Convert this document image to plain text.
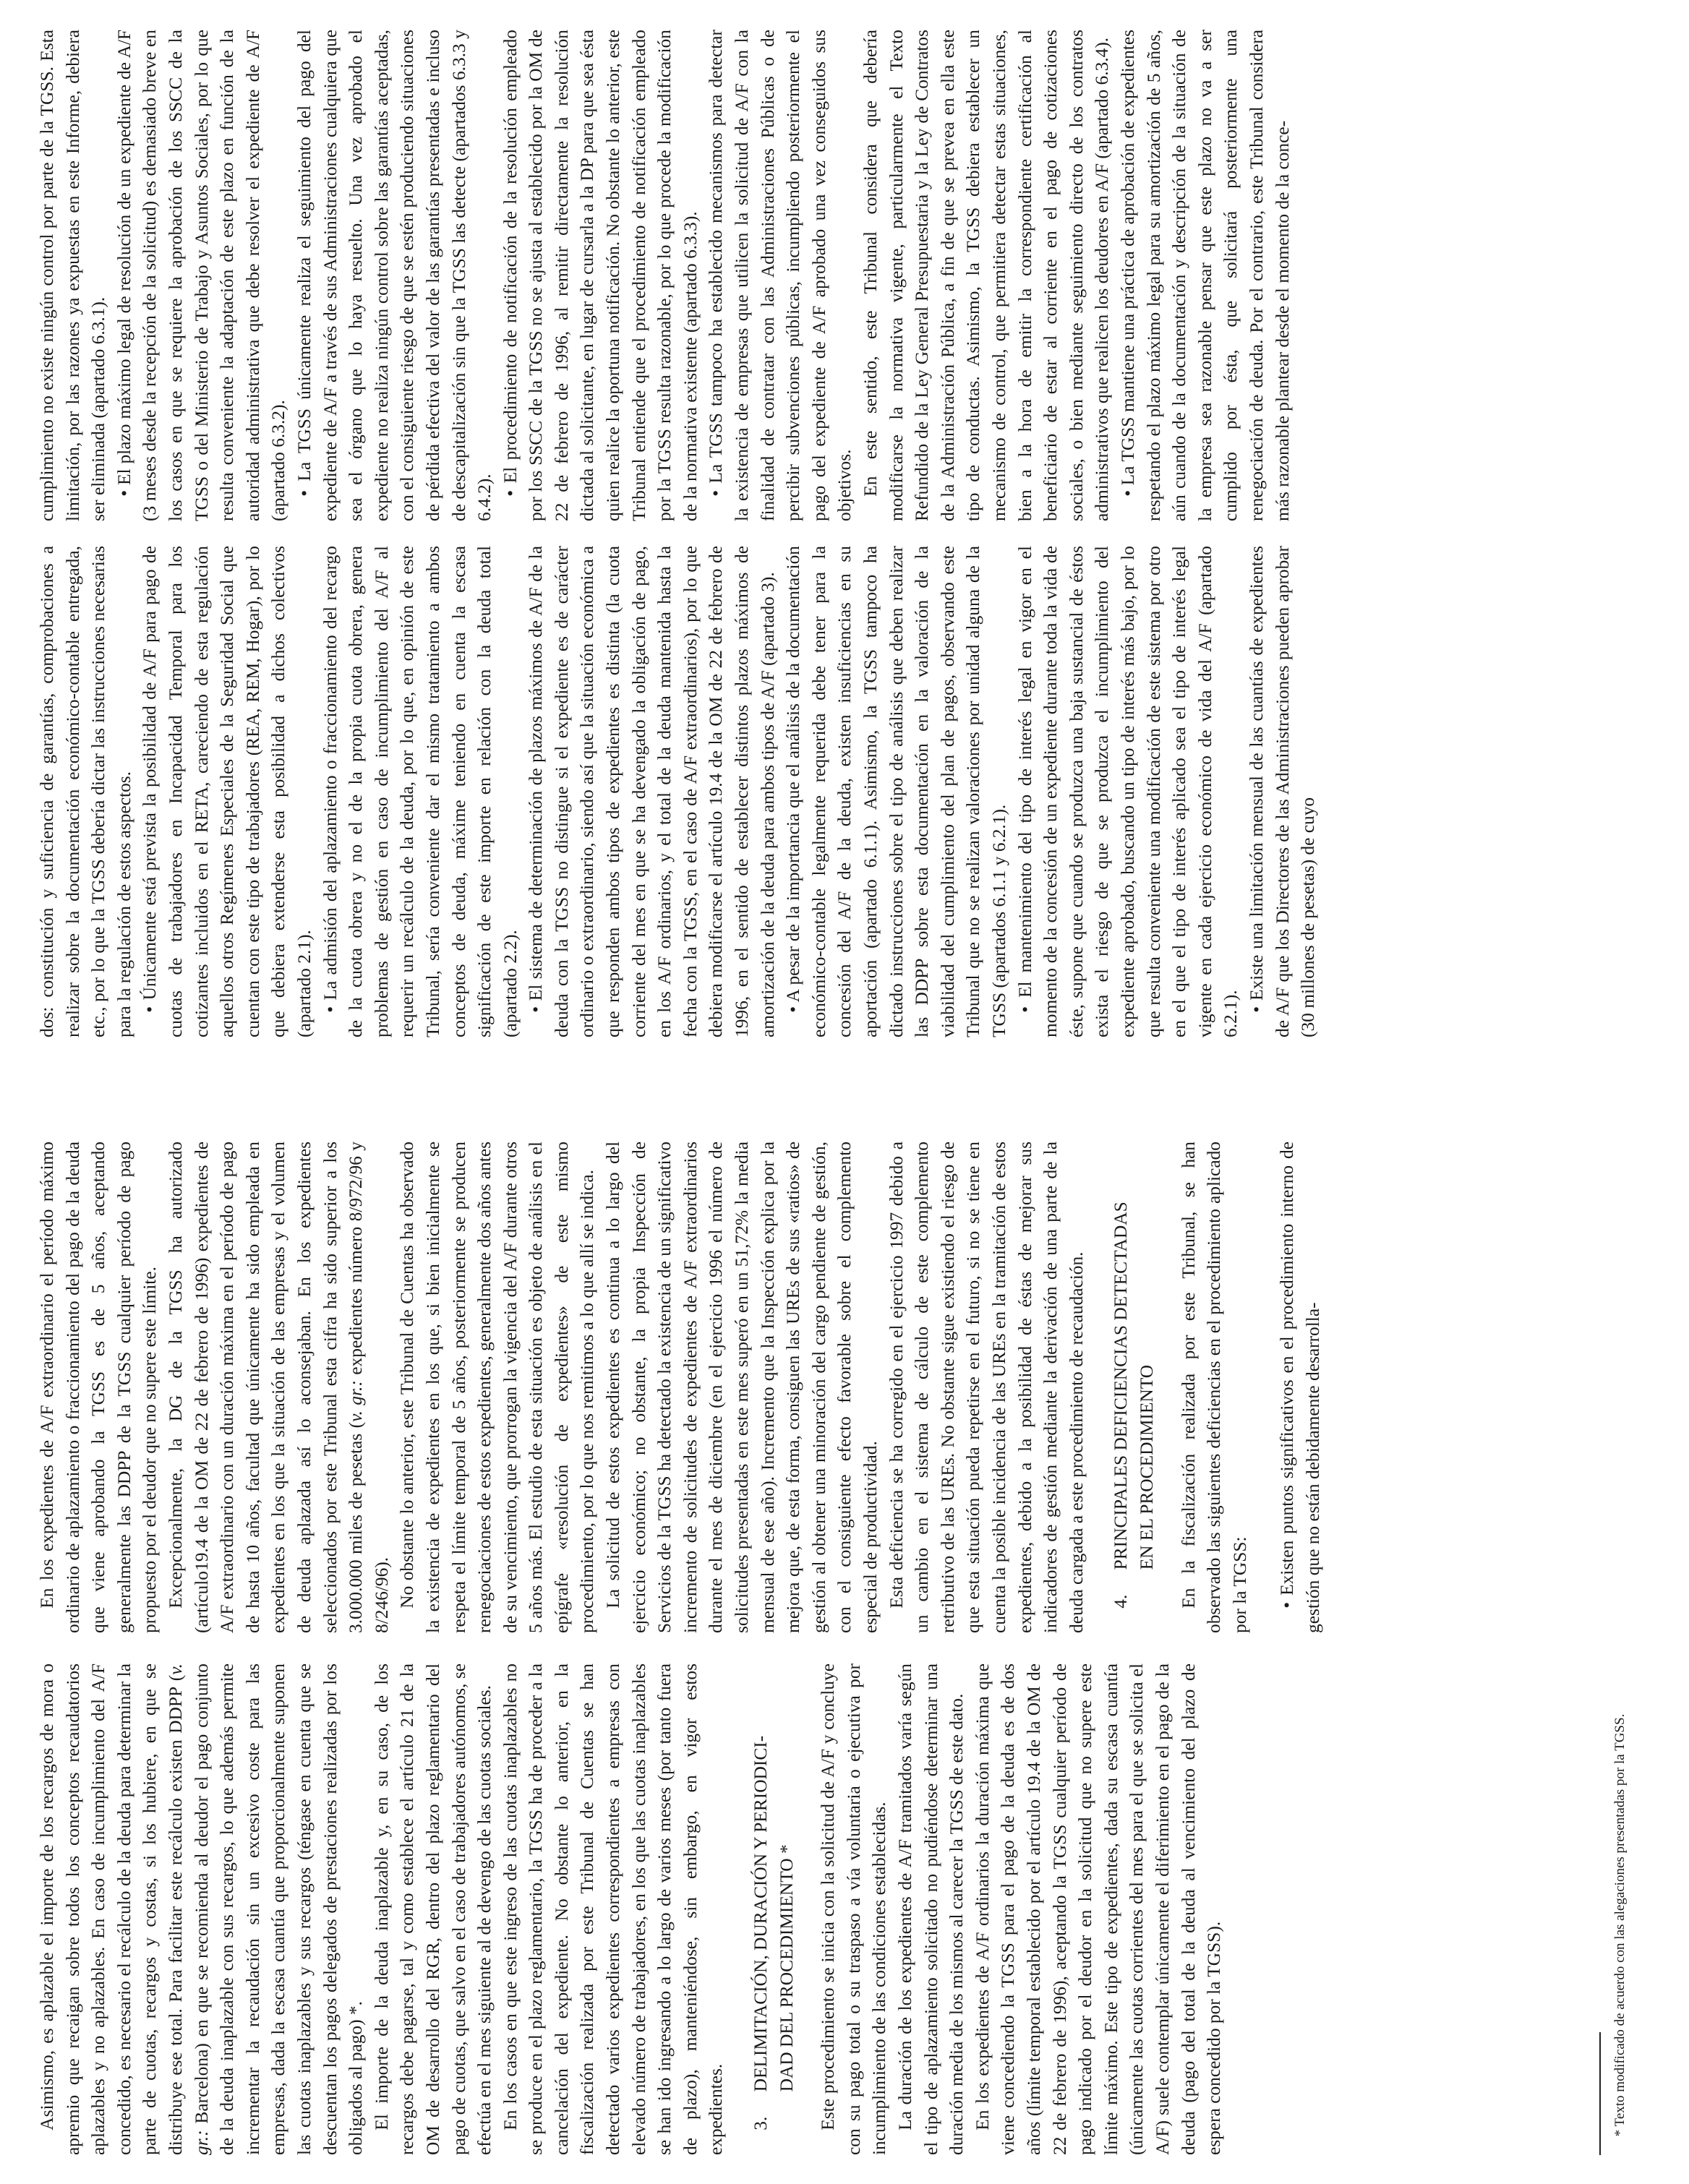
Asimismo, es aplazable el importe de los recargos de mora o apremio que recaigan sobre todos los conceptos recaudatorios aplazables y no aplazables. En caso de incumplimiento del A/F concedido, es necesario el recálculo de la deuda para determinar la parte de cuotas, recargos y costas, si los hubiere, en que se distribuye ese total. Para facilitar este recálculo existen DDPP (v. gr.: Barcelona) en que se recomienda al deudor el pago conjunto de la deuda inaplazable con sus recargos, lo que además permite incrementar la recaudación sin un excesivo coste para las empresas, dada la escasa cuantía que proporcionalmente suponen las cuotas inaplazables y sus recargos (téngase en cuenta que se descuentan los pagos delegados de prestaciones realizadas por los obligados al pago) *. El importe de la deuda inaplazable y, en su caso, de los recargos debe pagarse, tal y como establece el artículo 21 de la OM de desarrollo del RGR, dentro del plazo reglamentario del pago de cuotas, que salvo en el caso de trabajadores autónomos, se efectúa en el mes siguiente al de devengo de las cuotas sociales. En los casos en que este ingreso de las cuotas inaplazables no se produce en el plazo reglamentario, la TGSS ha de proceder a la cancelación del expediente. No obstante lo anterior, en la fiscalización realizada por este Tribunal de Cuentas se han detectado varios expedientes correspondientes a empresas con elevado número de trabajadores, en los que las cuotas inaplazables se han ido ingresando a lo largo de varios meses (por tanto fuera de plazo), manteniéndose, sin embargo, en vigor estos expedientes. 3.DELIMITACIÓN, DURACIÓN Y PERIODICI- DAD DEL PROCEDIMIENTO * Este procedimiento se inicia con la solicitud de A/F y concluye con su pago total o su traspaso a vía voluntaria o ejecutiva por incumplimiento de las condiciones establecidas. La duración de los expedientes de A/F tramitados varía según el tipo de aplazamiento solicitado no pudiéndose determinar una duración media de los mismos al carecer la TGSS de este dato. En los expedientes de A/F ordinarios la duración máxima que viene concediendo la TGSS para el pago de la deuda es de dos años (límite temporal establecido por el artículo 19.4 de la OM de 22 de febrero de 1996), aceptando la TGSS cualquier período de pago indicado por el deudor en la solicitud que no supere este límite máximo. Este tipo de expedientes, dada su escasa cuantía (únicamente las cuotas corrientes del mes para el que se solicita el A/F) suele contemplar únicamente el diferimiento en el pago de la deuda (pago del total de la deuda al vencimiento del plazo de espera concedido por la TGSS).	* Texto modificado de acuerdo con las alegaciones presentadas por la TGSS.

En los expedientes de A/F extraordinario el período máximo ordinario de aplazamiento o fraccionamiento del pago de la deuda que viene aprobando la TGSS es de 5 años, aceptando generalmente las DDPP de la TGSS cualquier período de pago propuesto por el deudor que no supere este límite. Excepcionalmente, la DG de la TGSS ha autorizado (artículo19.4 de la OM de 22 de febrero de 1996) expedientes de A/F extraordinario con un duración máxima en el período de pago de hasta 10 años, facultad que únicamente ha sido empleada en expedientes en los que la situación de las empresas y el volumen de deuda aplazada así lo aconsejaban. En los expedientes seleccionados por este Tribunal esta cifra ha sido superior a los 3.000.000 miles de pesetas (v. gr.: expedientes número 8/972/96 y 8/246/96). No obstante lo anterior, este Tribunal de Cuentas ha observado la existencia de expedientes en los que, si bien inicialmente se respeta el límite temporal de 5 años, posteriormente se producen renegociaciones de estos expedientes, generalmente dos años antes de su vencimiento, que prorrogan la vigencia del A/F durante otros 5 años más. El estudio de esta situación es objeto de análisis en el epígrafe «resolución de expedientes» de este mismo procedimiento, por lo que nos remitimos a lo que allí se indica. La solicitud de estos expedientes es continua a lo largo del ejercicio económico; no obstante, la propia Inspección de Servicios de la TGSS ha detectado la existencia de un significativo incremento de solicitudes de expedientes de A/F extraordinarios durante el mes de diciembre (en el ejercicio 1996 el número de solicitudes presentadas en este mes superó en un 51,72% la media mensual de ese año). Incremento que la Inspección explica por la mejora que, de esta forma, consiguen las UREs de sus «ratios» de gestión al obtener una minoración del cargo pendiente de gestión, con el consiguiente efecto favorable sobre el complemento especial de productividad. Esta deficiencia se ha corregido en el ejercicio 1997 debido a un cambio en el sistema de cálculo de este complemento retributivo de las UREs. No obstante sigue existiendo el riesgo de que esta situación pueda repetirse en el futuro, si no se tiene en cuenta la posible incidencia de las UREs en la tramitación de estos expedientes, debido a la posibilidad de éstas de mejorar sus indicadores de gestión mediante la derivación de una parte de la deuda cargada a este procedimiento de recaudación. 4.PRINCIPALES DEFICIENCIAS DETECTADAS EN EL PROCEDIMIENTO En la fiscalización realizada por este Tribunal, se han observado las siguientes deficiencias en el procedimiento aplicado por la TGSS: • Existen puntos significativos en el procedimiento interno de gestión que no están debidamente desarrolla-

dos: constitución y suficiencia de garantías, comprobaciones a realizar sobre la documentación económico-contable entregada, etc., por lo que la TGSS debería dictar las instrucciones necesarias para la regulación de estos aspectos. • Únicamente está prevista la posibilidad de A/F para pago de cuotas de trabajadores en Incapacidad Temporal para los cotizantes incluidos en el RETA, careciendo de esta regulación aquellos otros Regímenes Especiales de la Seguridad Social que cuentan con este tipo de trabajadores (REA, REM, Hogar), por lo que debiera extenderse esta posibilidad a dichos colectivos (apartado 2.1). • La admisión del aplazamiento o fraccionamiento del recargo de la cuota obrera y no el de la propia cuota obrera, genera problemas de gestión en caso de incumplimiento del A/F al requerir un recálculo de la deuda, por lo que, en opinión de este Tribunal, sería conveniente dar el mismo tratamiento a ambos conceptos de deuda, máxime teniendo en cuenta la escasa significación de este importe en relación con la deuda total (apartado 2.2). • El sistema de determinación de plazos máximos de A/F de la deuda con la TGSS no distingue si el expediente es de carácter ordinario o extraordinario, siendo así que la situación económica a que responden ambos tipos de expedientes es distinta (la cuota corriente del mes en que se ha devengado la obligación de pago, en los A/F ordinarios, y el total de la deuda mantenida hasta la fecha con la TGSS, en el caso de A/F extraordinarios), por lo que debiera modificarse el artículo 19.4 de la OM de 22 de febrero de 1996, en el sentido de establecer distintos plazos máximos de amortización de la deuda para ambos tipos de A/F (apartado 3). • A pesar de la importancia que el análisis de la documentación económico-contable legalmente requerida debe tener para la concesión del A/F de la deuda, existen insuficiencias en su aportación (apartado 6.1.1). Asimismo, la TGSS tampoco ha dictado instrucciones sobre el tipo de análisis que deben realizar las DDPP sobre esta documentación en la valoración de la viabilidad del cumplimiento del plan de pagos, observando este Tribunal que no se realizan valoraciones por unidad alguna de la TGSS (apartados 6.1.1 y 6.2.1). • El mantenimiento del tipo de interés legal en vigor en el momento de la concesión de un expediente durante toda la vida de éste, supone que cuando se produzca una baja sustancial de éstos exista el riesgo de que se produzca el incumplimiento del expediente aprobado, buscando un tipo de interés más bajo, por lo que resulta conveniente una modificación de este sistema por otro en el que el tipo de interés aplicado sea el tipo de interés legal vigente en cada ejercicio económico de vida del A/F (apartado 6.2.1).

• Existe una limitación mensual de las cuantías de expedientes de A/F que los Directores de las Administraciones pueden aprobar (30 millones de pesetas) de cuyo

cumplimiento no existe ningún control por parte de la TGSS. Esta limitación, por las razones ya expuestas en este Informe, debiera ser eliminada (apartado 6.3.1). • El plazo máximo legal de resolución de un expediente de A/F (3 meses desde la recepción de la solicitud) es demasiado breve en los casos en que se requiere la aprobación de los SSCC de la TGSS o del Ministerio de Trabajo y Asuntos Sociales, por lo que resulta conveniente la adaptación de este plazo en función de la autoridad administrativa que debe resolver el expediente de A/F (apartado 6.3.2). • La TGSS únicamente realiza el seguimiento del pago del expediente de A/F a través de sus Administraciones cualquiera que sea el órgano que lo haya resuelto. Una vez aprobado el expediente no realiza ningún control sobre las garantías aceptadas, con el consiguiente riesgo de que se estén produciendo situaciones de pérdida efectiva del valor de las garantías presentadas e incluso de descapitalización sin que la TGSS las detecte (apartados 6.3.3 y 6.4.2).

• El procedimiento de notificación de la resolución empleado por los SSCC de la TGSS no se ajusta al establecido por la OM de 22 de febrero de 1996, al remitir directamente la resolución dictada al solicitante, en lugar de cursarla a la DP para que sea ésta quien realice la oportuna notificación. No obstante lo anterior, este Tribunal entiende que el procedimiento de notificación empleado por la TGSS resulta razonable, por lo que procede la modificación de la normativa existente (apartado 6.3.3). • La TGSS tampoco ha establecido mecanismos para detectar la existencia de empresas que utilicen la solicitud de A/F con la finalidad de contratar con las Administraciones Públicas o de percibir subvenciones públicas, incumpliendo posteriormente el pago del expediente de A/F aprobado una vez conseguidos sus objetivos. En este sentido, este Tribunal considera que debería modificarse la normativa vigente, particularmente el Texto Refundido de la Ley General Presupuestaria y la Ley de Contratos de la Administración Pública, a fin de que se prevea en ella este tipo de conductas. Asimismo, la TGSS debiera establecer un mecanismo de control, que permitiera detectar estas situaciones, bien a la hora de emitir la correspondiente certificación al beneficiario de estar al corriente en el pago de cotizaciones sociales, o bien mediante seguimiento directo de los contratos administrativos que realicen los deudores en A/F (apartado 6.3.4). • La TGSS mantiene una práctica de aprobación de expedientes respetando el plazo máximo legal para su amortización de 5 años, aún cuando de la documentación y descripción de la situación de la empresa sea razonable pensar que este plazo no va a ser cumplido por ésta, que solicitará posteriormente una renegociación de deuda. Por el contrario, este Tribunal considera más razonable plantear desde el momento de la conce-
